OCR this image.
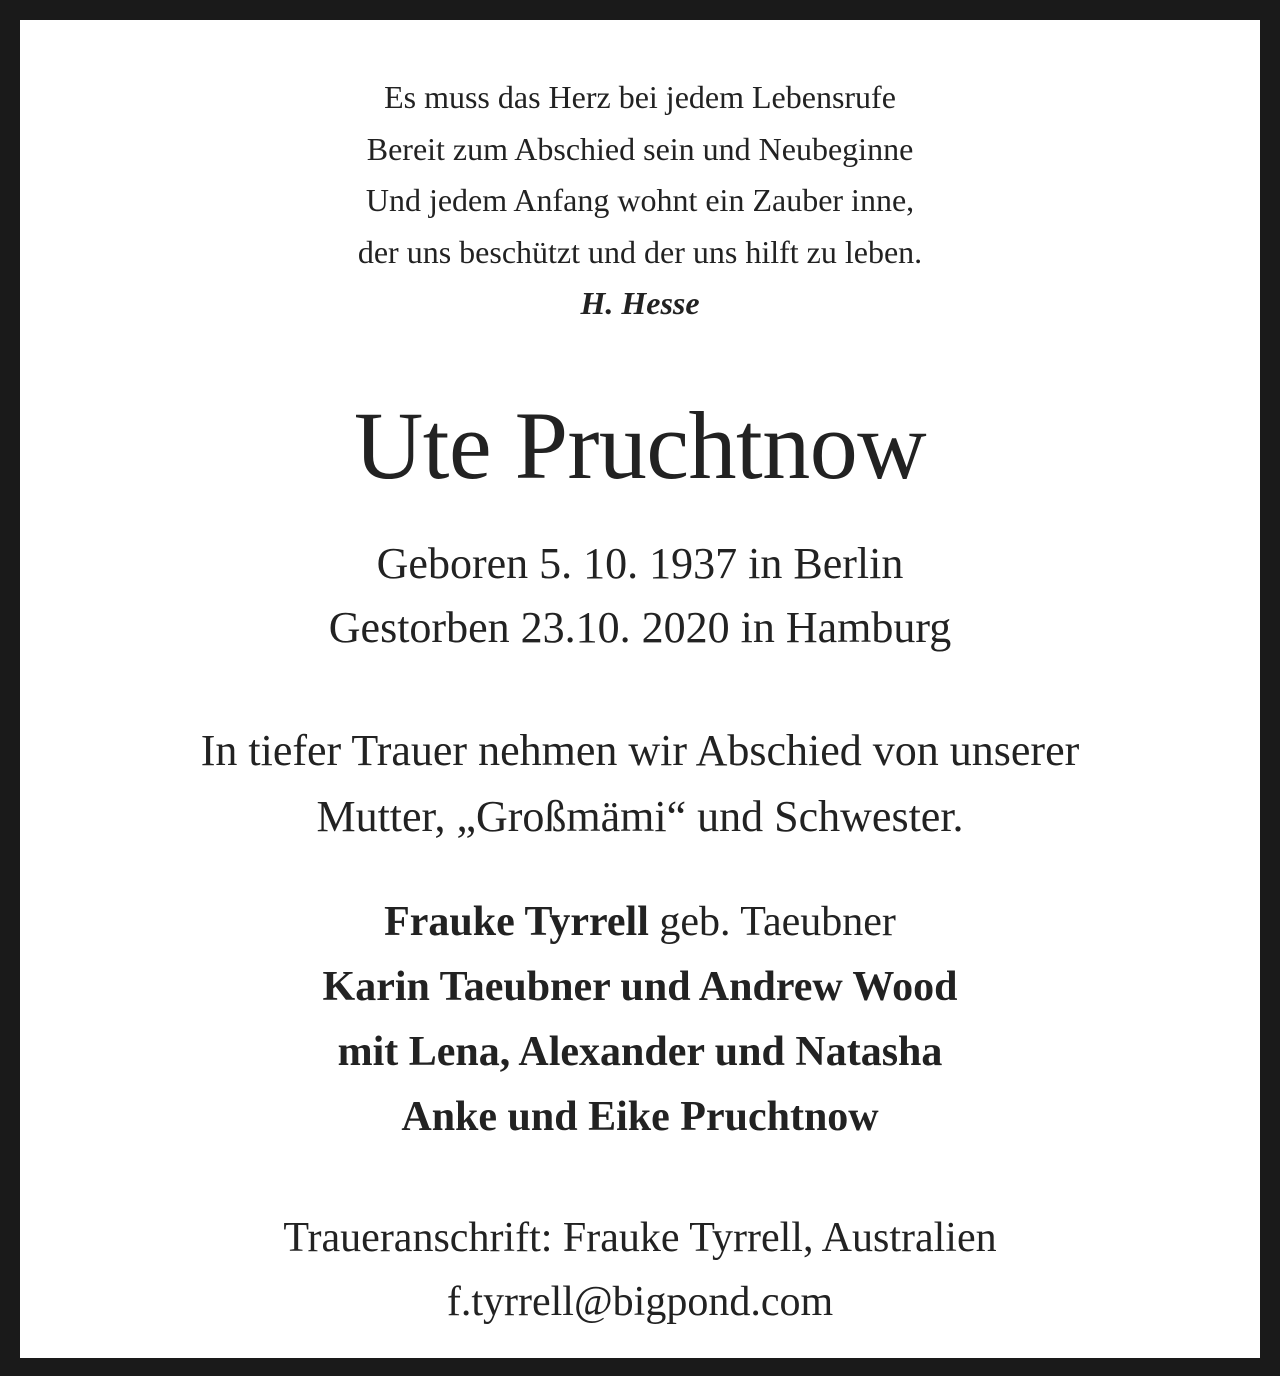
Es muss das Herz bei jedem Lebensrufe
Bereit zum Abschied sein und Neubeginne
Und jedem Anfang wohnt ein Zauber inne,
der uns beschützt und der uns hilft zu leben.
H. Hesse
Ute Pruchtnow
Geboren 5. 10. 1937 in Berlin
Gestorben 23.10. 2020 in Hamburg
In tiefer Trauer nehmen wir Abschied von unserer
Mutter, „Großmämi“ und Schwester.
Frauke Tyrrell geb. Taeubner
Karin Taeubner und Andrew Wood
mit Lena, Alexander und Natasha
Anke und Eike Pruchtnow
Traueranschrift: Frauke Tyrrell, Australien
f.tyrrell@bigpond.com
